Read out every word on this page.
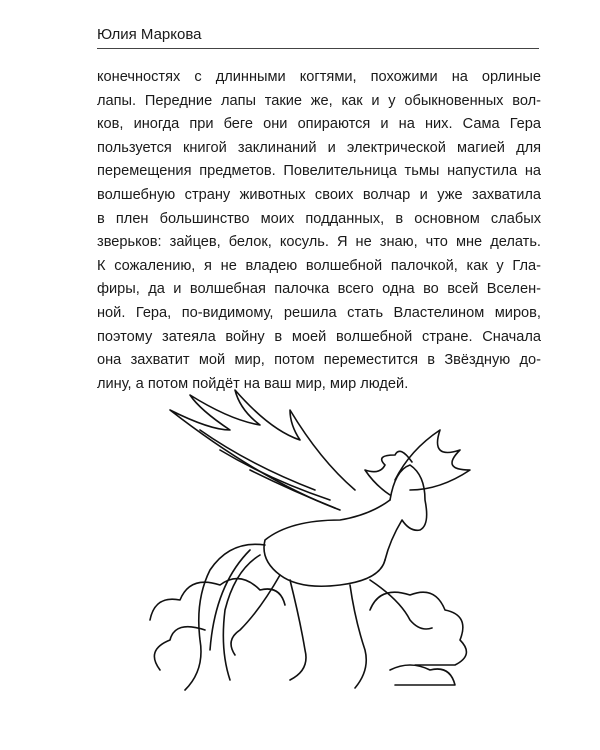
Юлия Маркова
конечностях с длинными когтями, похожими на орлиные
лапы. Передние лапы такие же, как и у обыкновенных вол-
ков, иногда при беге они опираются и на них. Сама Гера
пользуется книгой заклинаний и электрической магией для
перемещения предметов. Повелительница тьмы напустила на
волшебную страну животных своих волчар и уже захватила
в плен большинство моих подданных, в основном слабых
зверьков: зайцев, белок, косуль. Я не знаю, что мне делать.
К сожалению, я не владею волшебной палочкой, как у Гла-
фиры, да и волшебная палочка всего одна во всей Вселен-
ной. Гера, по-видимому, решила стать Властелином миров,
поэтому затеяла войну в моей волшебной стране. Сначала
она захватит мой мир, потом переместится в Звёздную до-
лину, а потом пойдёт на ваш мир, мир людей.
